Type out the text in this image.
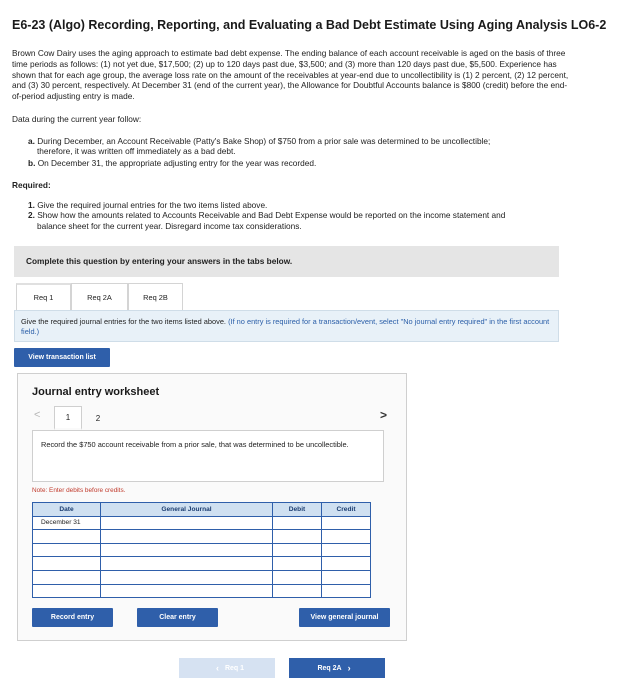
E6-23 (Algo) Recording, Reporting, and Evaluating a Bad Debt Estimate Using Aging Analysis LO6-2
Brown Cow Dairy uses the aging approach to estimate bad debt expense. The ending balance of each account receivable is aged on the basis of three time periods as follows: (1) not yet due, $17,500; (2) up to 120 days past due, $3,500; and (3) more than 120 days past due, $5,500. Experience has shown that for each age group, the average loss rate on the amount of the receivables at year-end due to uncollectibility is (1) 2 percent, (2) 12 percent, and (3) 30 percent, respectively. At December 31 (end of the current year), the Allowance for Doubtful Accounts balance is $800 (credit) before the end-of-period adjusting entry is made.
Data during the current year follow:
a. During December, an Account Receivable (Patty's Bake Shop) of $750 from a prior sale was determined to be uncollectible;
therefore, it was written off immediately as a bad debt.
b. On December 31, the appropriate adjusting entry for the year was recorded.
Required:
1. Give the required journal entries for the two items listed above.
2. Show how the amounts related to Accounts Receivable and Bad Debt Expense would be reported on the income statement and
balance sheet for the current year. Disregard income tax considerations.
Complete this question by entering your answers in the tabs below.
Req 1	Req 2A	Req 2B
Give the required journal entries for the two items listed above. (If no entry is required for a transaction/event, select "No journal entry required" in the first account field.)
View transaction list
Journal entry worksheet
<	1	2	>
Record the $750 account receivable from a prior sale, that was determined to be uncollectible.
Note: Enter debits before credits.
Date	General Journal	Debit	Credit
December 31			

Record entry	Clear entry	View general journal
‹ Req 1	Req 2A ›
